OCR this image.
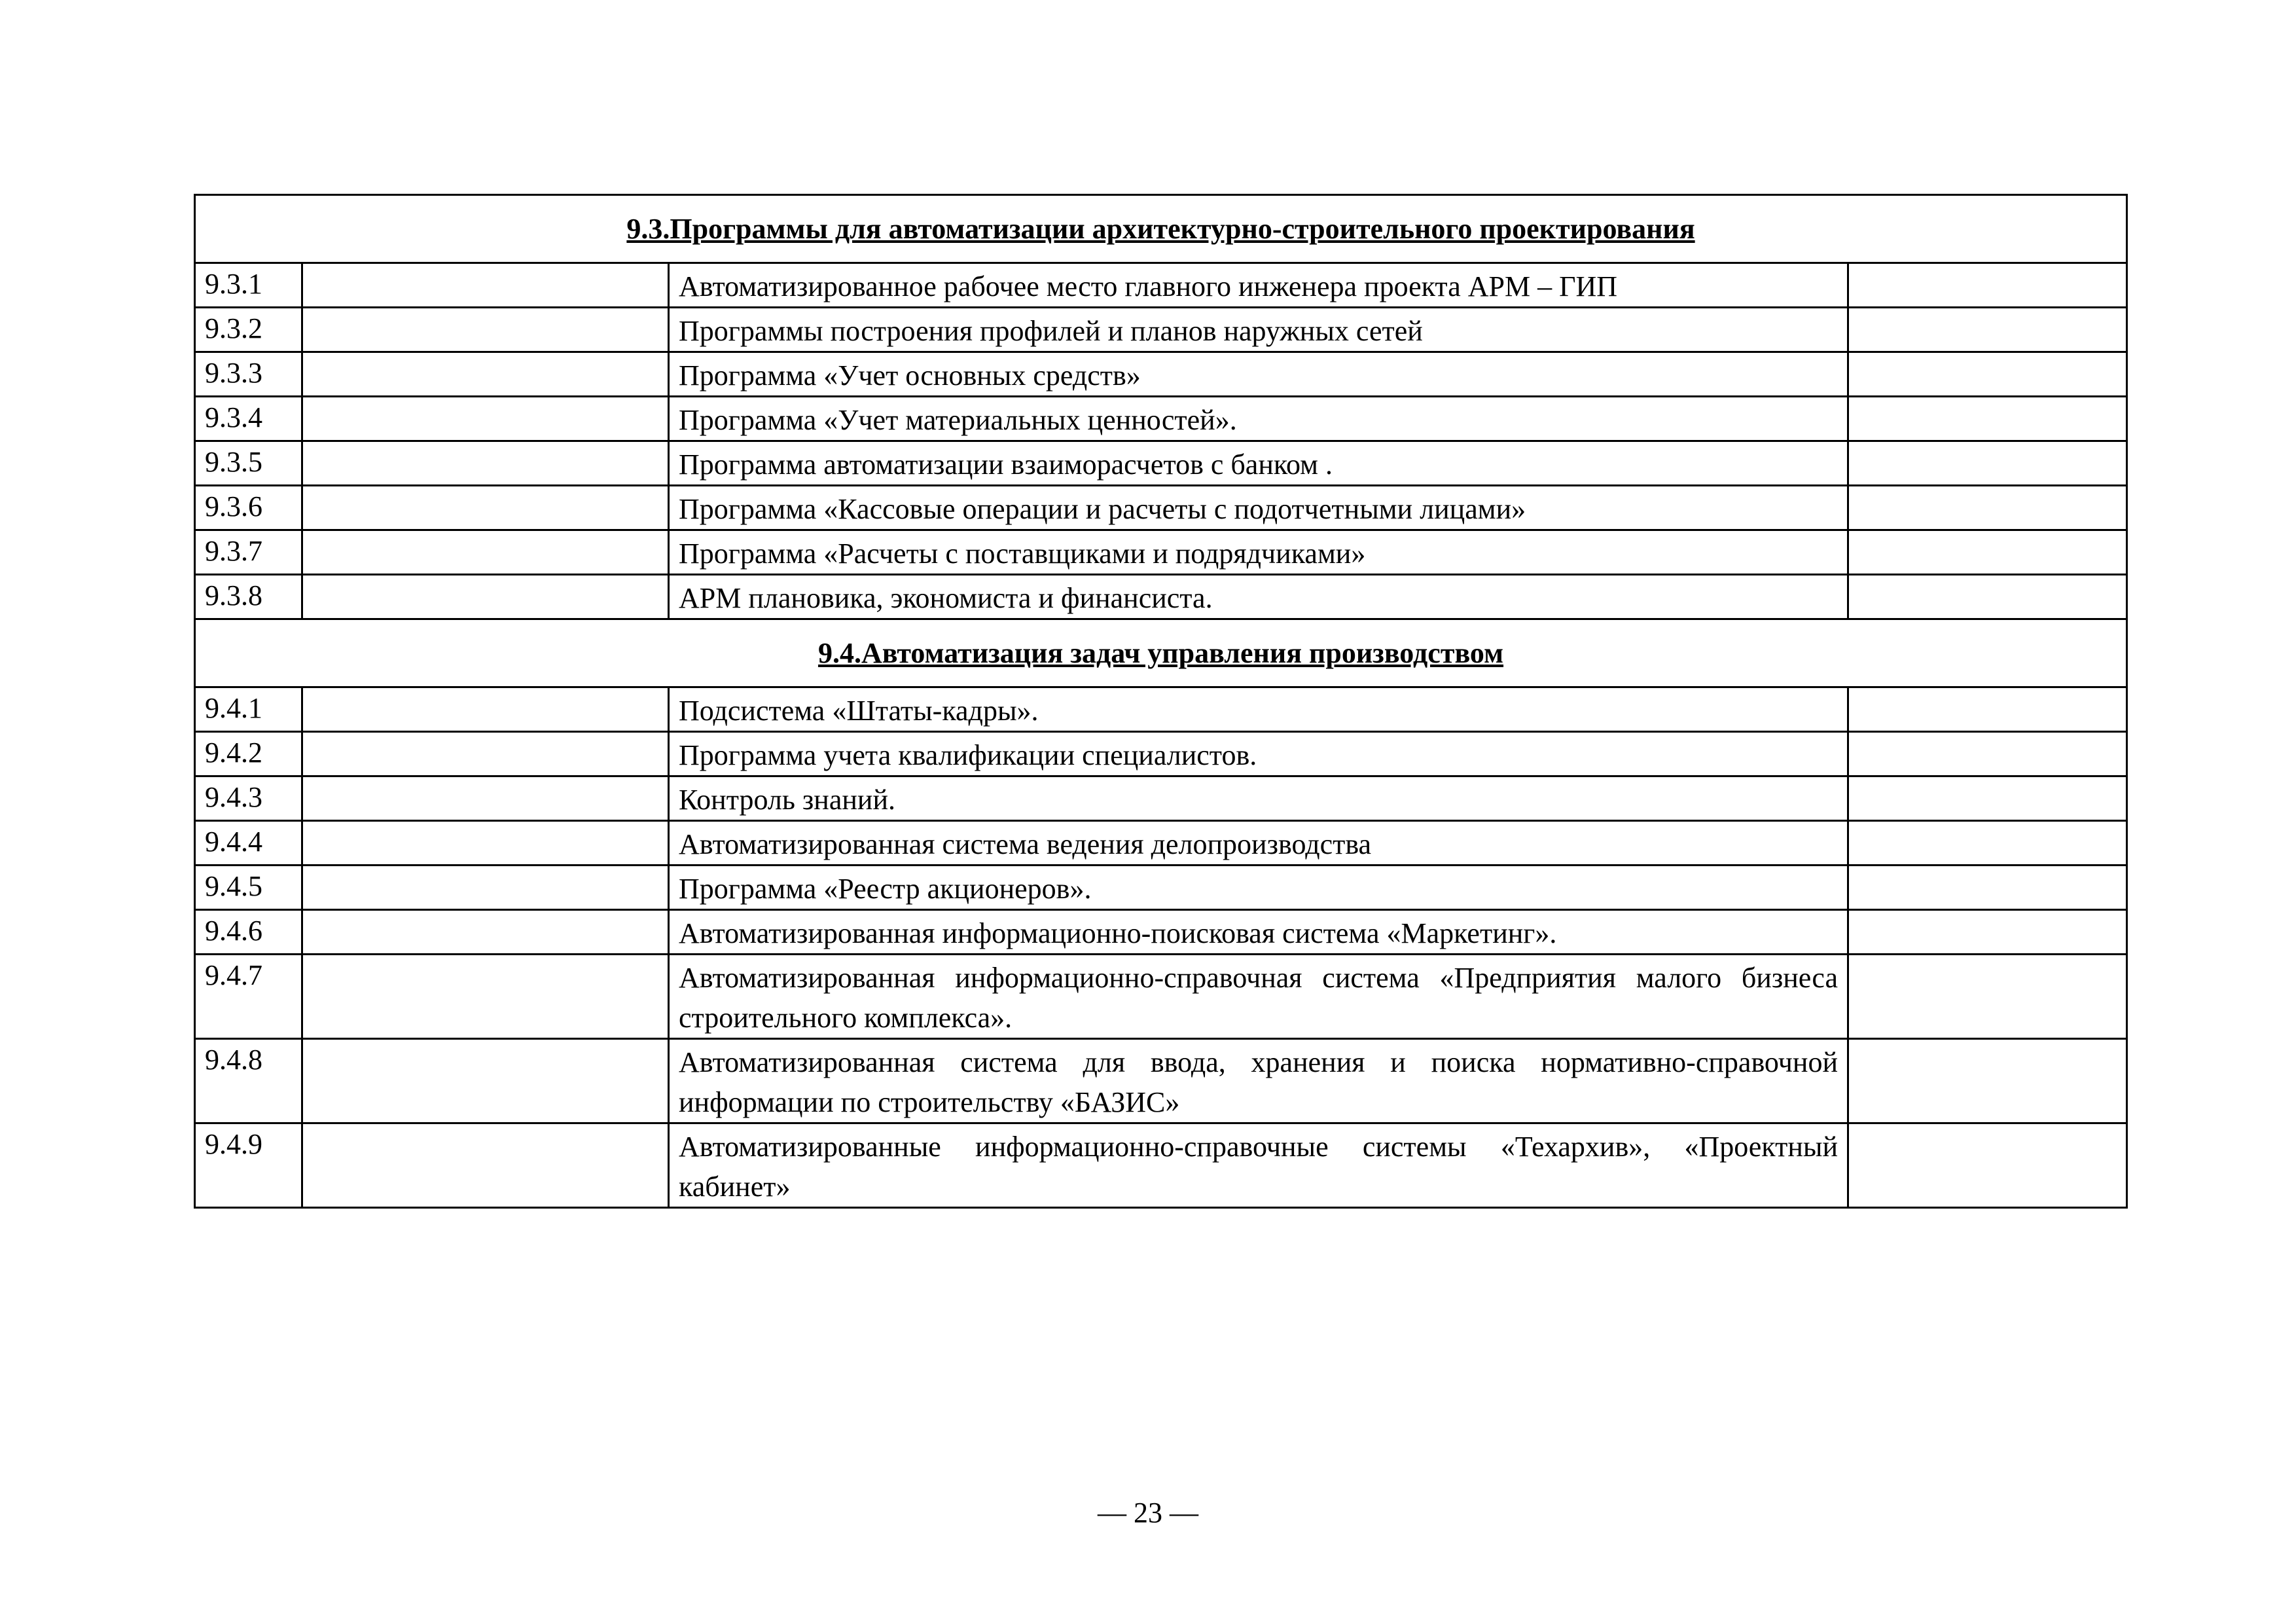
9.3.Программы для автоматизации архитектурно-строительного проектирования			
9.3.1		Автоматизированное рабочее место главного инженера проекта АРМ – ГИП	
9.3.2		Программы построения профилей и планов наружных сетей	
9.3.3		Программа «Учет основных средств»	
9.3.4		Программа «Учет материальных ценностей».	
9.3.5		Программа автоматизации взаиморасчетов с банком .	
9.3.6		Программа «Кассовые операции и расчеты с подотчетными лицами»	
9.3.7		Программа «Расчеты с поставщиками и подрядчиками»	
9.3.8		АРМ плановика, экономиста и финансиста.	
9.4.Автоматизация задач управления производством			
9.4.1		Подсистема «Штаты-кадры».	
9.4.2		Программа учета квалификации специалистов.	
9.4.3		Контроль знаний.	
9.4.4		Автоматизированная система ведения делопроизводства	
9.4.5		Программа «Реестр акционеров».	
9.4.6		Автоматизированная информационно-поисковая система «Маркетинг».	
9.4.7		Автоматизированная информационно-справочная система «Предприятия малого бизнеса строительного комплекса».	
9.4.8		Автоматизированная система для ввода, хранения и поиска нормативно-справочной информации по строительству «БАЗИС»	
9.4.9		Автоматизированные информационно-справочные системы «Техархив», «Проектный кабинет»	
— 23 —
